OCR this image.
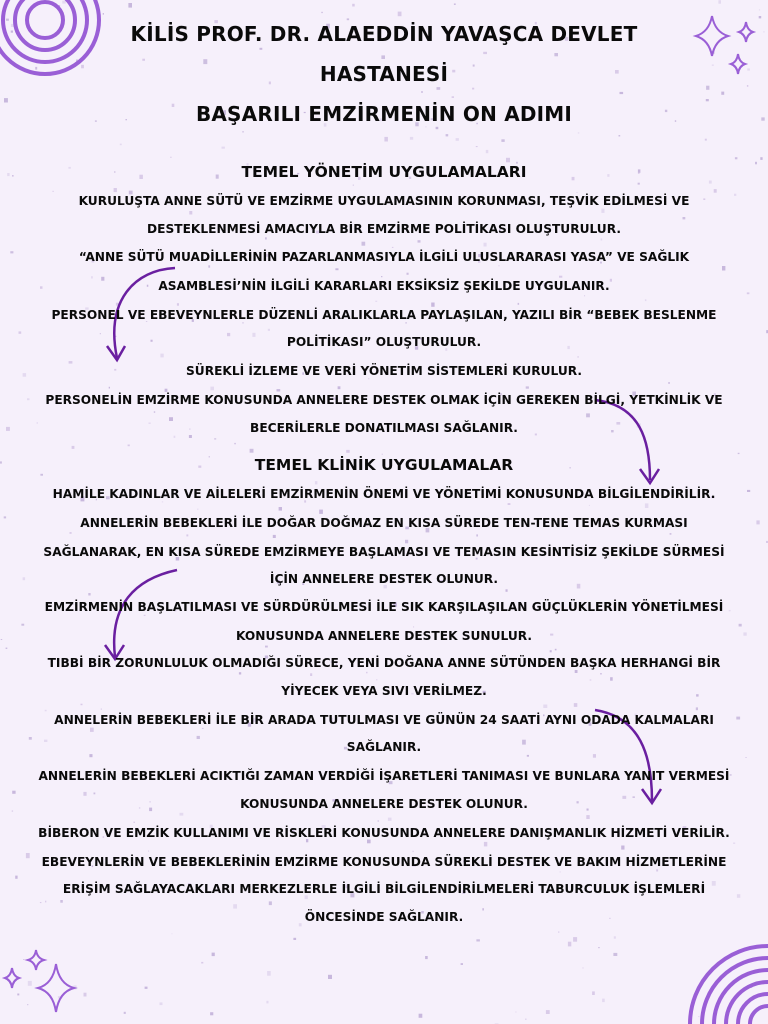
KİLİS PROF. DR. ALAEDDİN YAVAŞCA DEVLET
HASTANESİ
BAŞARILI EMZİRMENİN ON ADIMI
TEMEL YÖNETİM UYGULAMALARI
KURULUŞTA ANNE SÜTÜ VE EMZİRME UYGULAMASININ KORUNMASI, TEŞVİK EDİLMESİ VE
DESTEKLENMESİ AMACIYLA BİR EMZİRME POLİTİKASI OLUŞTURULUR.
“ANNE SÜTÜ MUADİLLERİNİN PAZARLANMASIYLA İLGİLİ ULUSLARARASI YASA” VE SAĞLIK
ASAMBLESİ’NİN İLGİLİ KARARLARI EKSİKSİZ ŞEKİLDE UYGULANIR.
PERSONEL VE EBEVEYNLERLE DÜZENLİ ARALIKLARLA PAYLAŞILAN, YAZILI BİR “BEBEK BESLENME
POLİTİKASI” OLUŞTURULUR.
SÜREKLİ İZLEME VE VERİ YÖNETİM SİSTEMLERİ KURULUR.
PERSONELİN EMZİRME KONUSUNDA ANNELERE DESTEK OLMAK İÇİN GEREKEN BİLGİ, YETKİNLİK VE
BECERİLERLE DONATILMASI SAĞLANIR.
TEMEL KLİNİK UYGULAMALAR
HAMİLE KADINLAR VE AİLELERİ EMZİRMENİN ÖNEMİ VE YÖNETİMİ KONUSUNDA BİLGİLENDİRİLİR.
ANNELERİN BEBEKLERİ İLE DOĞAR DOĞMAZ EN KISA SÜREDE TEN-TENE TEMAS KURMASI
SAĞLANARAK, EN KISA SÜREDE EMZİRMEYE BAŞLAMASI VE TEMASIN KESİNTİSİZ ŞEKİLDE SÜRMESİ
İÇİN ANNELERE DESTEK OLUNUR.
EMZİRMENİN BAŞLATILMASI VE SÜRDÜRÜLMESİ İLE SIK KARŞILAŞILAN GÜÇLÜKLERİN YÖNETİLMESİ
KONUSUNDA ANNELERE DESTEK SUNULUR.
TIBBİ BİR ZORUNLULUK OLMADIĞI SÜRECE, YENİ DOĞANA ANNE SÜTÜNDEN BAŞKA HERHANGİ BİR
YİYECEK VEYA SIVI VERİLMEZ.
ANNELERİN BEBEKLERİ İLE BİR ARADA TUTULMASI VE GÜNÜN 24 SAATİ AYNI ODADA KALMALARI
SAĞLANIR.
ANNELERİN BEBEKLERİ ACIKTIĞI ZAMAN VERDİĞİ İŞARETLERİ TANIMASI VE BUNLARA YANIT VERMESİ
KONUSUNDA ANNELERE DESTEK OLUNUR.
BİBERON VE EMZİK KULLANIMI VE RİSKLERİ KONUSUNDA ANNELERE DANIŞMANLIK HİZMETİ VERİLİR.
EBEVEYNLERİN VE BEBEKLERİNİN EMZİRME KONUSUNDA SÜREKLİ DESTEK VE BAKIM HİZMETLERİNE
ERİŞİM SAĞLAYACAKLARI MERKEZLERLE İLGİLİ BİLGİLENDİRİLMELERİ TABURCULUK İŞLEMLERİ
ÖNCESİNDE SAĞLANIR.
